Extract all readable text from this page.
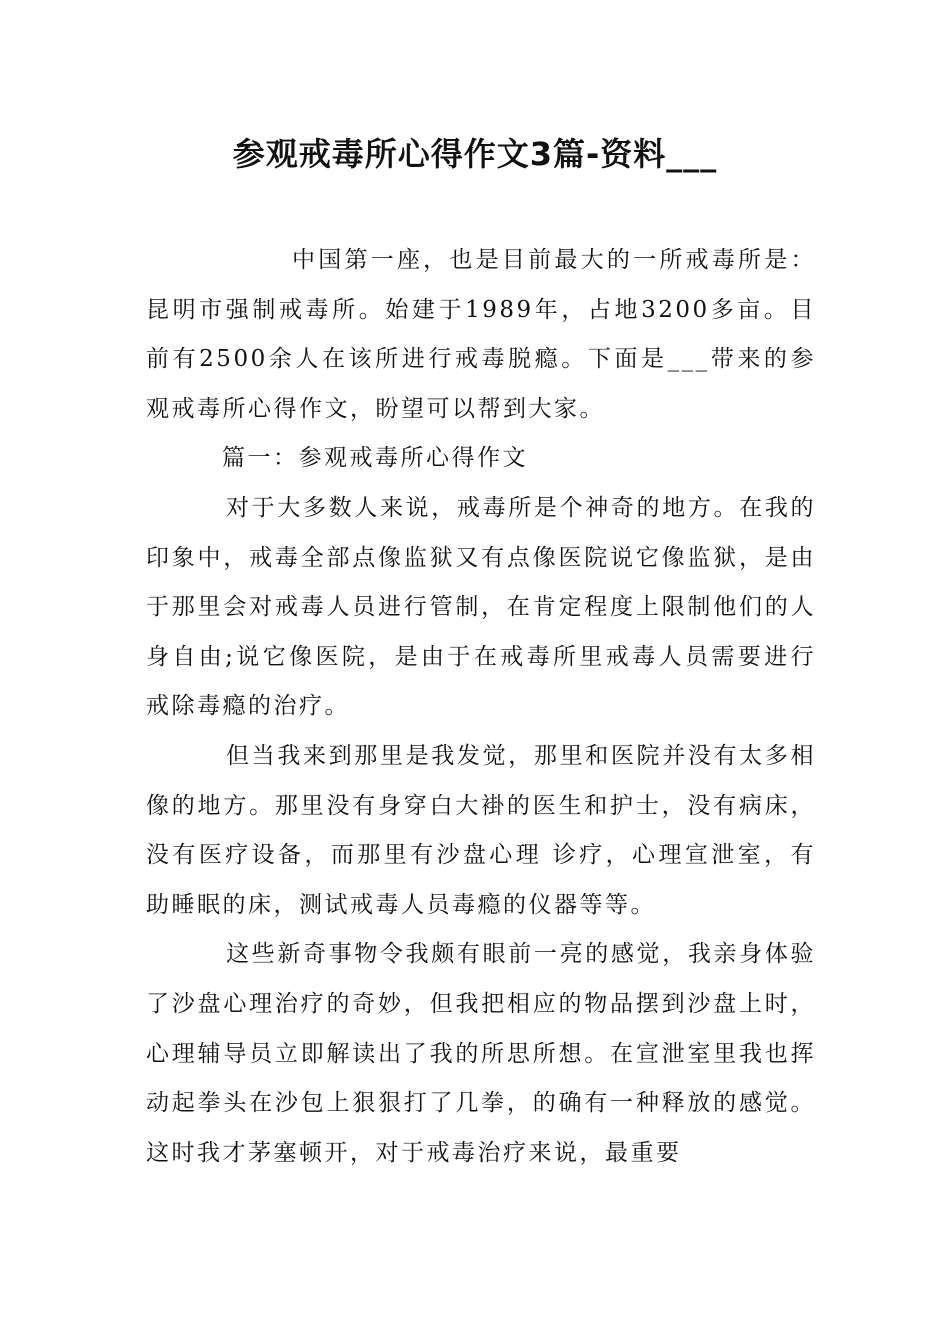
参观戒毒所心得作文3篇-资料___

中国第一座，也是目前最大的一所戒毒所是：昆明市强制戒毒所。始建于1989年，占地3200多亩。目前有2500余人在该所进行戒毒脱瘾。下面是___带来的参观戒毒所心得作文，盼望可以帮到大家。

篇一：参观戒毒所心得作文

对于大多数人来说，戒毒所是个神奇的地方。在我的印象中，戒毒全部点像监狱又有点像医院说它像监狱，是由于那里会对戒毒人员进行管制，在肯定程度上限制他们的人身自由;说它像医院，是由于在戒毒所里戒毒人员需要进行戒除毒瘾的治疗。

但当我来到那里是我发觉，那里和医院并没有太多相像的地方。那里没有身穿白大褂的医生和护士，没有病床，没有医疗设备，而那里有沙盘心理 诊疗，心理宣泄室，有助睡眠的床，测试戒毒人员毒瘾的仪器等等。

这些新奇事物令我颇有眼前一亮的感觉，我亲身体验了沙盘心理治疗的奇妙，但我把相应的物品摆到沙盘上时，心理辅导员立即解读出了我的所思所想。在宣泄室里我也挥动起拳头在沙包上狠狠打了几拳，的确有一种释放的感觉。这时我才茅塞顿开，对于戒毒治疗来说，最重要
